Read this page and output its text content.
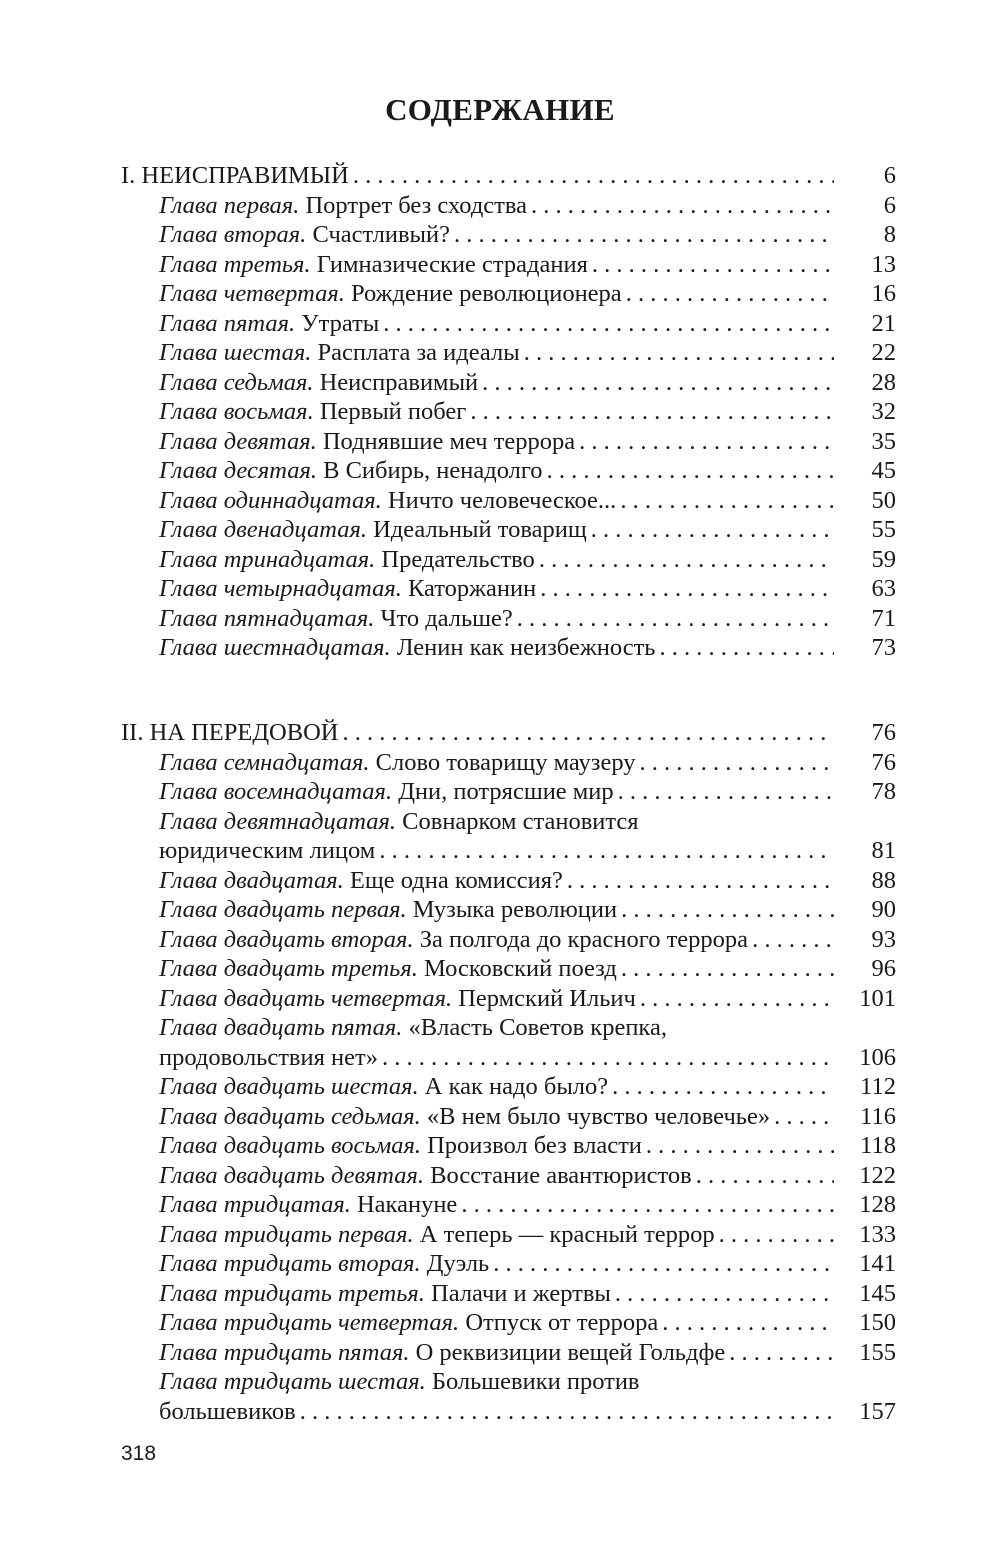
СОДЕРЖАНИЕ
I. НЕИСПРАВИМЫЙ . . .	6
Глава первая. Портрет без сходства . . .	6
Глава вторая. Счастливый? . . .	8
Глава третья. Гимназические страдания . . .	13
Глава четвертая. Рождение революционера . . .	16
Глава пятая. Утраты . . .	21
Глава шестая. Расплата за идеалы . . .	22
Глава седьмая. Неисправимый . . .	28
Глава восьмая. Первый побег . . .	32
Глава девятая. Поднявшие меч террора . . .	35
Глава десятая. В Сибирь, ненадолго . . .	45
Глава одиннадцатая. Ничто человеческое... . . .	50
Глава двенадцатая. Идеальный товарищ . . .	55
Глава тринадцатая. Предательство . . .	59
Глава четырнадцатая. Каторжанин . . .	63
Глава пятнадцатая. Что дальше? . . .	71
Глава шестнадцатая. Ленин как неизбежность . . .	73
II. НА ПЕРЕДОВОЙ . . .	76
Глава семнадцатая. Слово товарищу маузеру . . .	76
Глава восемнадцатая. Дни, потрясшие мир . . .	78
Глава девятнадцатая. Совнарком становится
юридическим лицом . . .	81
Глава двадцатая. Еще одна комиссия? . . .	88
Глава двадцать первая. Музыка революции . . .	90
Глава двадцать вторая. За полгода до красного террора . . .	93
Глава двадцать третья. Московский поезд . . .	96
Глава двадцать четвертая. Пермский Ильич . . .	101
Глава двадцать пятая. «Власть Советов крепка,
продовольствия нет» . . .	106
Глава двадцать шестая. А как надо было? . . .	112
Глава двадцать седьмая. «В нем было чувство человечье» . . .	116
Глава двадцать восьмая. Произвол без власти . . .	118
Глава двадцать девятая. Восстание авантюристов . . .	122
Глава тридцатая. Накануне . . .	128
Глава тридцать первая. А теперь — красный террор . . .	133
Глава тридцать вторая. Дуэль . . .	141
Глава тридцать третья. Палачи и жертвы . . .	145
Глава тридцать четвертая. Отпуск от террора . . .	150
Глава тридцать пятая. О реквизиции вещей Гольдфе . . .	155
Глава тридцать шестая. Большевики против
большевиков . . .	157
318
